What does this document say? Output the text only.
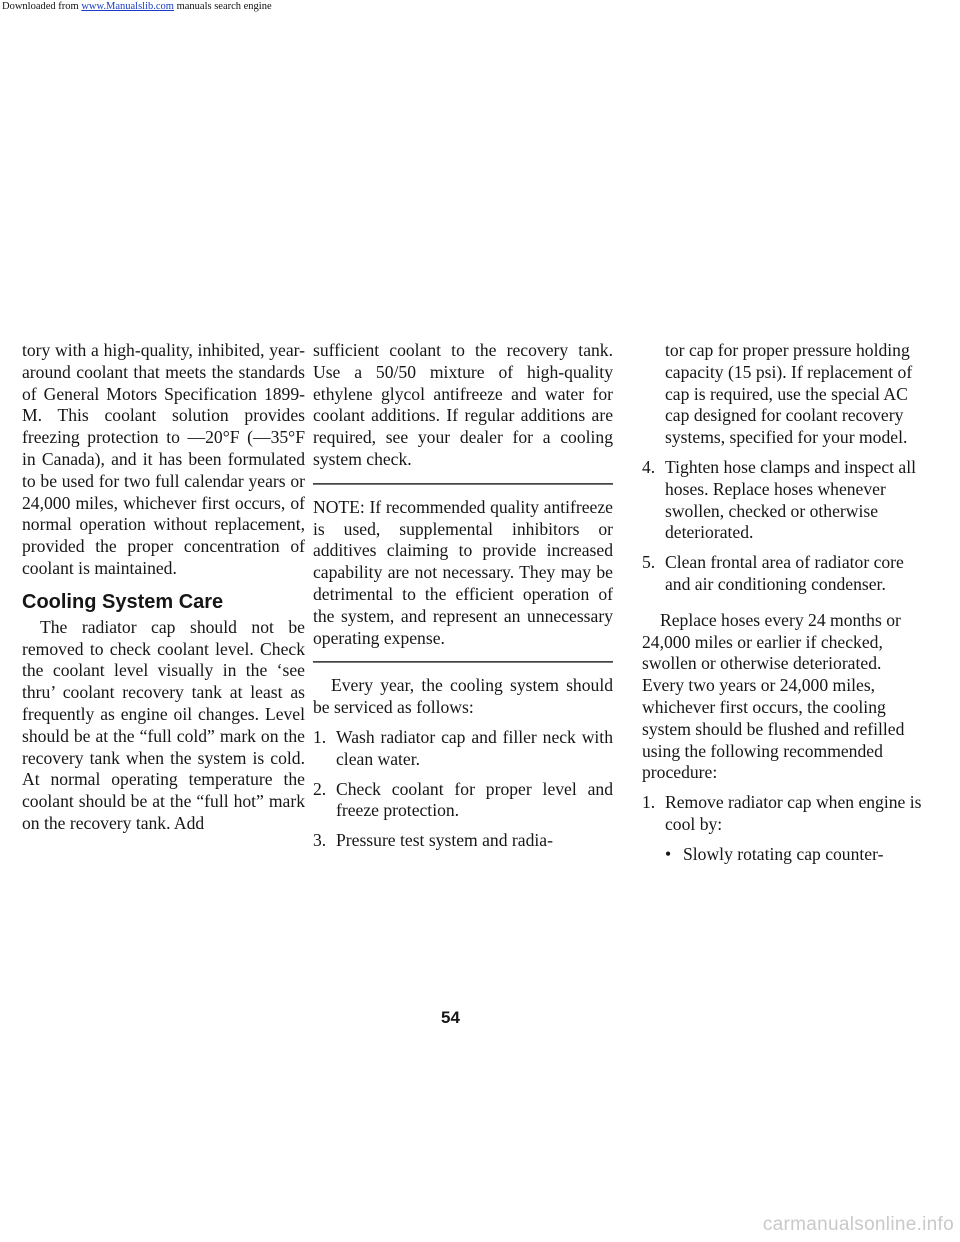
Downloaded from www.Manualslib.com manuals search engine

tory with a high-quality, inhibited, year-around coolant that meets the standards of General Motors Specification 1899-M. This coolant solution provides freezing protection to —20°F (—35°F in Canada), and it has been formulated to be used for two full calendar years or 24,000 miles, whichever first occurs, of normal operation without replacement, provided the proper concentration of coolant is maintained.

Cooling System Care

The radiator cap should not be removed to check coolant level. Check the coolant level visually in the ‘see thru’ coolant recovery tank at least as frequently as engine oil changes. Level should be at the “full cold” mark on the recovery tank when the system is cold. At normal operating temperature the coolant should be at the “full hot” mark on the recovery tank. Add

sufficient coolant to the recovery tank. Use a 50/50 mixture of high-quality ethylene glycol antifreeze and water for coolant additions. If regular additions are required, see your dealer for a cooling system check.

NOTE: If recommended quality antifreeze is used, supplemental inhibitors or additives claiming to provide increased capability are not necessary. They may be detrimental to the efficient operation of the system, and represent an unnecessary operating expense.

Every year, the cooling system should be serviced as follows:

1. Wash radiator cap and filler neck with clean water.

2. Check coolant for proper level and freeze protection.

3. Pressure test system and radia-

tor cap for proper pressure holding capacity (15 psi). If replacement of cap is required, use the special AC cap designed for coolant recovery systems, specified for your model.

4. Tighten hose clamps and inspect all hoses. Replace hoses whenever swollen, checked or otherwise deteriorated.

5. Clean frontal area of radiator core and air conditioning condenser.

Replace hoses every 24 months or 24,000 miles or earlier if checked, swollen or otherwise deteriorated. Every two years or 24,000 miles, whichever first occurs, the cooling system should be flushed and refilled using the following recommended procedure:

1. Remove radiator cap when engine is cool by:

• Slowly rotating cap counter-

54
carmanualsonline.info
